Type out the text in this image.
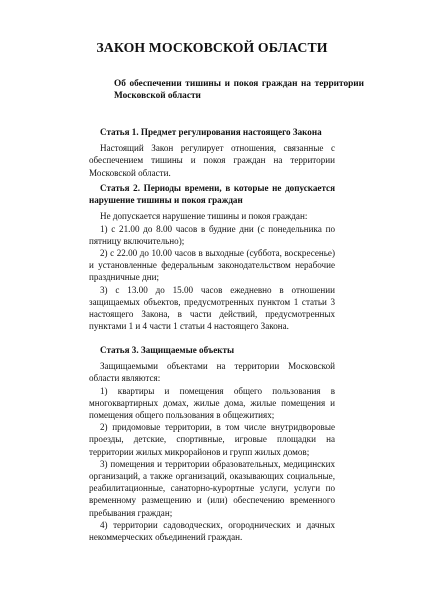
ЗАКОН МОСКОВСКОЙ ОБЛАСТИ
Об обеспечении тишины и покоя граждан на территории Московской области

Статья 1. Предмет регулирования настоящего Закона

Настоящий Закон регулирует отношения, связанные с обеспечением тишины и покоя граждан на территории Московской области.

Статья 2. Периоды времени, в которые не допускается нарушение тишины и покоя граждан

Не допускается нарушение тишины и покоя граждан:

1) с 21.00 до 8.00 часов в будние дни (с понедельника по пятницу включительно);

2) с 22.00 до 10.00 часов в выходные (суббота, воскресенье) и установленные федеральным законодательством нерабочие праздничные дни;

3) с 13.00 до 15.00 часов ежедневно в отношении защищаемых объектов, предусмотренных пунктом 1 статьи 3 настоящего Закона, в части действий, предусмотренных пунктами 1 и 4 части 1 статьи 4 настоящего Закона.

Статья 3. Защищаемые объекты

Защищаемыми объектами на территории Московской области являются:

1) квартиры и помещения общего пользования в многоквартирных домах, жилые дома, жилые помещения и помещения общего пользования в общежитиях;

2) придомовые территории, в том числе внутридворовые проезды, детские, спортивные, игровые площадки на территории жилых микрорайонов и групп жилых домов;

3) помещения и территории образовательных, медицинских организаций, а также организаций, оказывающих социальные, реабилитационные, санаторно-курортные услуги, услуги по временному размещению и (или) обеспечению временного пребывания граждан;

4) территории садоводческих, огороднических и дачных некоммерческих объединений граждан.
